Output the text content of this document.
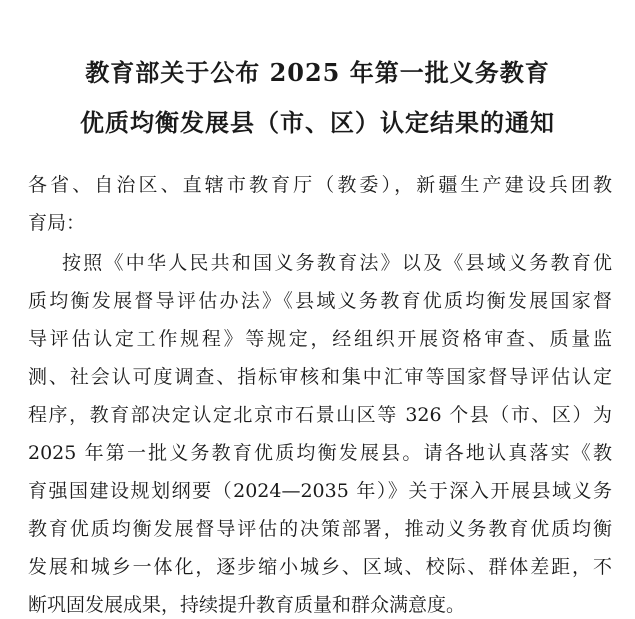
教育部关于公布 2025 年第一批义务教育
优质均衡发展县（市、区）认定结果的通知
各省、自治区、直辖市教育厅（教委），新疆生产建设兵团教
育局：
按照《中华人民共和国义务教育法》以及《县域义务教育优
质均衡发展督导评估办法》《县域义务教育优质均衡发展国家督
导评估认定工作规程》等规定，经组织开展资格审查、质量监
测、社会认可度调查、指标审核和集中汇审等国家督导评估认定
程序，教育部决定认定北京市石景山区等 326 个县（市、区）为
2025 年第一批义务教育优质均衡发展县。请各地认真落实《教
育强国建设规划纲要（2024—2035 年）》关于深入开展县域义务
教育优质均衡发展督导评估的决策部署，推动义务教育优质均衡
发展和城乡一体化，逐步缩小城乡、区域、校际、群体差距，不
断巩固发展成果，持续提升教育质量和群众满意度。
